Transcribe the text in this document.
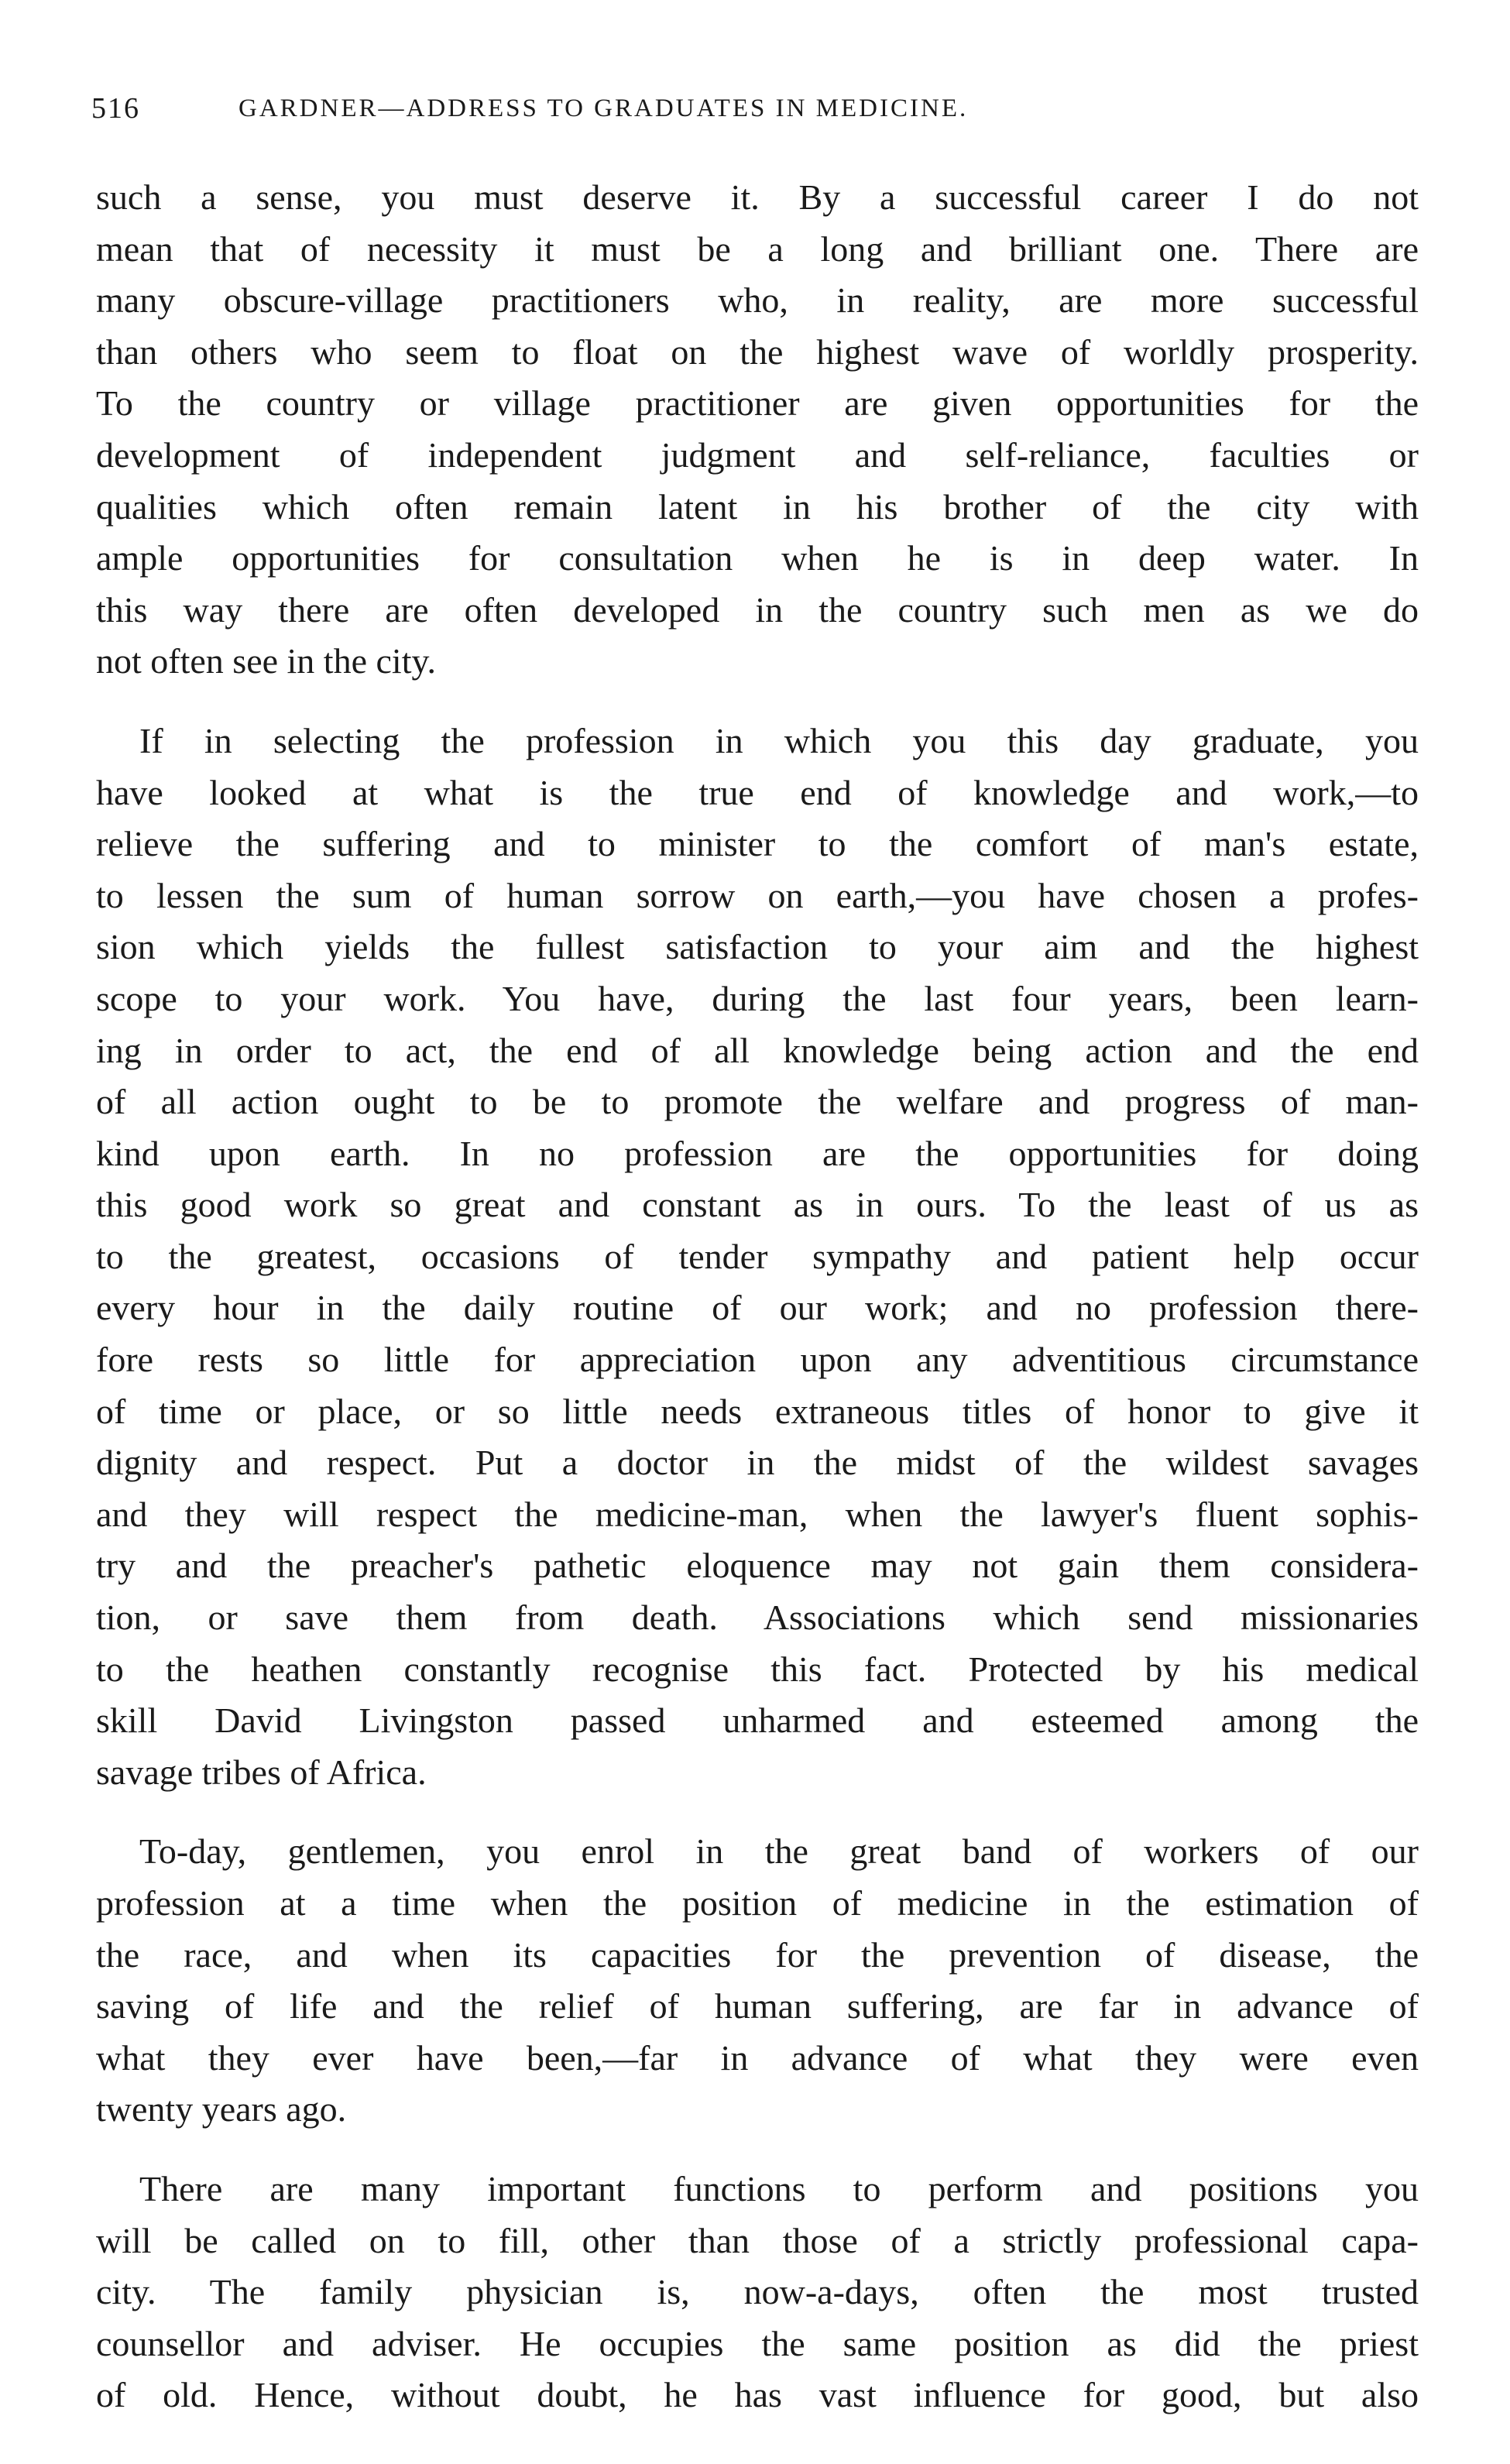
516	GARDNER—ADDRESS TO GRADUATES IN MEDICINE.
such a sense, you must deserve it. By a successful career I do not
mean that of necessity it must be a long and brilliant one. There are
many obscure-village practitioners who, in reality, are more successful
than others who seem to float on the highest wave of worldly prosperity.
To the country or village practitioner are given opportunities for the
development of independent judgment and self-reliance, faculties or
qualities which often remain latent in his brother of the city with
ample opportunities for consultation when he is in deep water. In
this way there are often developed in the country such men as we do
not often see in the city.
If in selecting the profession in which you this day graduate, you
have looked at what is the true end of knowledge and work,—to
relieve the suffering and to minister to the comfort of man's estate,
to lessen the sum of human sorrow on earth,—you have chosen a profes-
sion which yields the fullest satisfaction to your aim and the highest
scope to your work. You have, during the last four years, been learn-
ing in order to act, the end of all knowledge being action and the end
of all action ought to be to promote the welfare and progress of man-
kind upon earth. In no profession are the opportunities for doing
this good work so great and constant as in ours. To the least of us as
to the greatest, occasions of tender sympathy and patient help occur
every hour in the daily routine of our work; and no profession there-
fore rests so little for appreciation upon any adventitious circumstance
of time or place, or so little needs extraneous titles of honor to give it
dignity and respect. Put a doctor in the midst of the wildest savages
and they will respect the medicine-man, when the lawyer's fluent sophis-
try and the preacher's pathetic eloquence may not gain them considera-
tion, or save them from death. Associations which send missionaries
to the heathen constantly recognise this fact. Protected by his medical
skill David Livingston passed unharmed and esteemed among the
savage tribes of Africa.
To-day, gentlemen, you enrol in the great band of workers of our
profession at a time when the position of medicine in the estimation of
the race, and when its capacities for the prevention of disease, the
saving of life and the relief of human suffering, are far in advance of
what they ever have been,—far in advance of what they were even
twenty years ago.
There are many important functions to perform and positions you
will be called on to fill, other than those of a strictly professional capa-
city. The family physician is, now-a-days, often the most trusted
counsellor and adviser. He occupies the same position as did the priest
of old. Hence, without doubt, he has vast influence for good, but also
